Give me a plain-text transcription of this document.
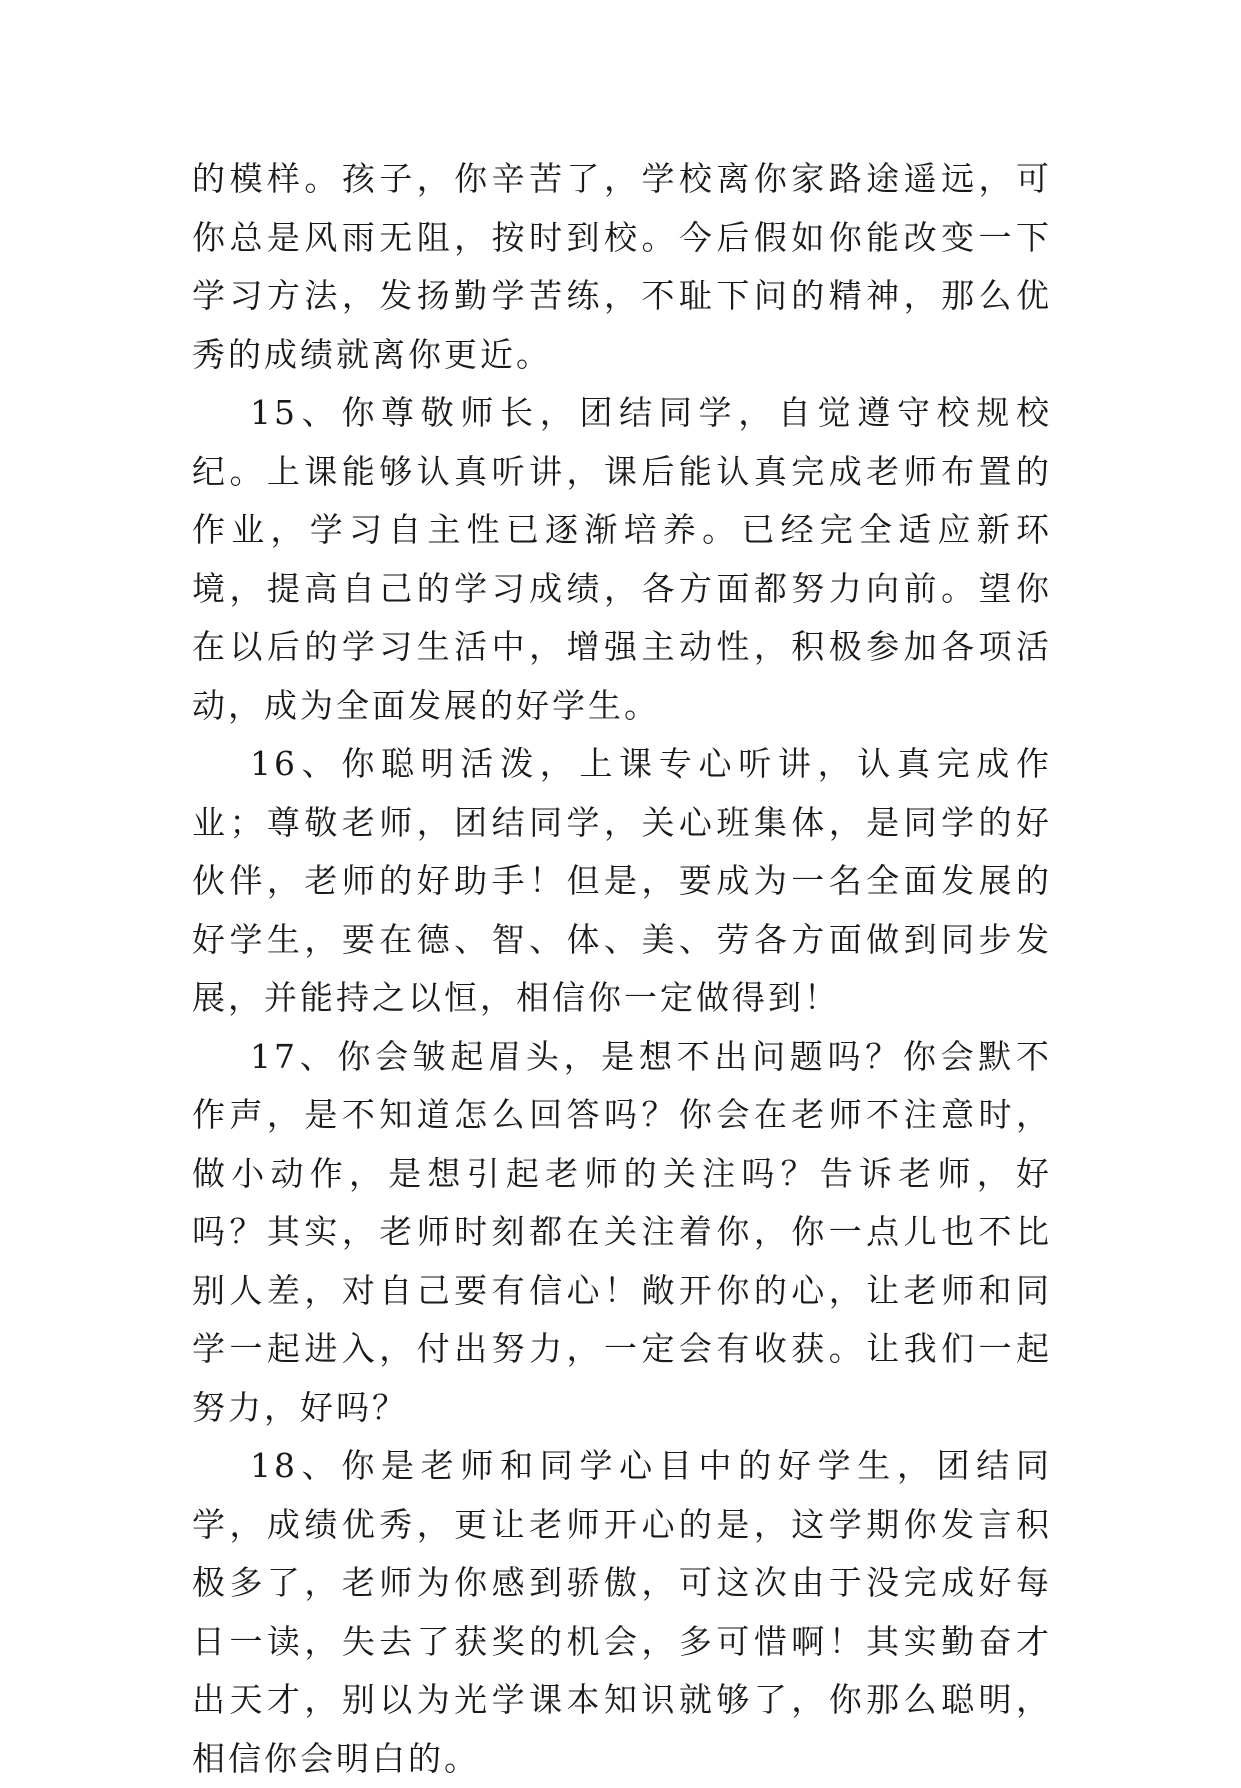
的模样。孩子，你辛苦了，学校离你家路途遥远，可你总是风雨无阻，按时到校。今后假如你能改变一下学习方法，发扬勤学苦练，不耻下问的精神，那么优秀的成绩就离你更近。

15、你尊敬师长，团结同学，自觉遵守校规校纪。上课能够认真听讲，课后能认真完成老师布置的作业，学习自主性已逐渐培养。已经完全适应新环境，提高自己的学习成绩，各方面都努力向前。望你在以后的学习生活中，增强主动性，积极参加各项活动，成为全面发展的好学生。

16、你聪明活泼，上课专心听讲，认真完成作业；尊敬老师，团结同学，关心班集体，是同学的好伙伴，老师的好助手！但是，要成为一名全面发展的好学生，要在德、智、体、美、劳各方面做到同步发展，并能持之以恒，相信你一定做得到！

17、你会皱起眉头，是想不出问题吗？你会默不作声，是不知道怎么回答吗？你会在老师不注意时，做小动作，是想引起老师的关注吗？告诉老师，好吗？其实，老师时刻都在关注着你，你一点儿也不比别人差，对自己要有信心！敞开你的心，让老师和同学一起进入，付出努力，一定会有收获。让我们一起努力，好吗？

18、你是老师和同学心目中的好学生，团结同学，成绩优秀，更让老师开心的是，这学期你发言积极多了，老师为你感到骄傲，可这次由于没完成好每日一读，失去了获奖的机会，多可惜啊！其实勤奋才出天才，别以为光学课本知识就够了，你那么聪明，相信你会明白的。
